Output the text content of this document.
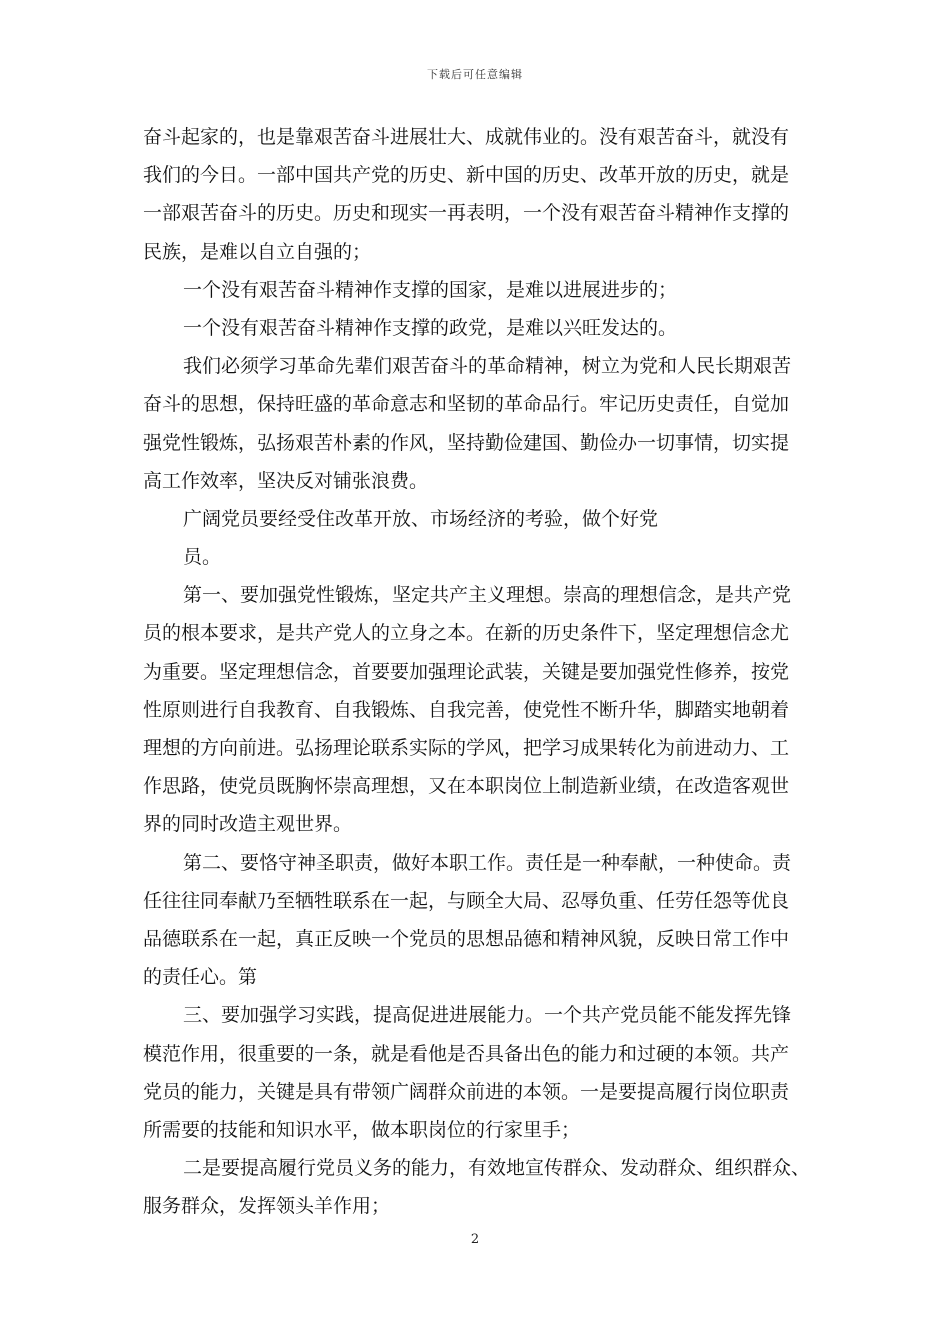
下载后可任意编辑
奋斗起家的，也是靠艰苦奋斗进展壮大、成就伟业的。没有艰苦奋斗，就没有
我们的今日。一部中国共产党的历史、新中国的历史、改革开放的历史，就是
一部艰苦奋斗的历史。历史和现实一再表明，一个没有艰苦奋斗精神作支撑的
民族，是难以自立自强的；
一个没有艰苦奋斗精神作支撑的国家，是难以进展进步的；
一个没有艰苦奋斗精神作支撑的政党，是难以兴旺发达的。
我们必须学习革命先辈们艰苦奋斗的革命精神，树立为党和人民长期艰苦
奋斗的思想，保持旺盛的革命意志和坚韧的革命品行。牢记历史责任，自觉加
强党性锻炼，弘扬艰苦朴素的作风，坚持勤俭建国、勤俭办一切事情，切实提
高工作效率，坚决反对铺张浪费。
广阔党员要经受住改革开放、市场经济的考验，做个好党
员。
第一、要加强党性锻炼，坚定共产主义理想。崇高的理想信念，是共产党
员的根本要求，是共产党人的立身之本。在新的历史条件下，坚定理想信念尤
为重要。坚定理想信念，首要要加强理论武装，关键是要加强党性修养，按党
性原则进行自我教育、自我锻炼、自我完善，使党性不断升华，脚踏实地朝着
理想的方向前进。弘扬理论联系实际的学风，把学习成果转化为前进动力、工
作思路，使党员既胸怀崇高理想，又在本职岗位上制造新业绩，在改造客观世
界的同时改造主观世界。
第二、要恪守神圣职责，做好本职工作。责任是一种奉献，一种使命。责
任往往同奉献乃至牺牲联系在一起，与顾全大局、忍辱负重、任劳任怨等优良
品德联系在一起，真正反映一个党员的思想品德和精神风貌，反映日常工作中
的责任心。第
三、要加强学习实践，提高促进进展能力。一个共产党员能不能发挥先锋
模范作用，很重要的一条，就是看他是否具备出色的能力和过硬的本领。共产
党员的能力，关键是具有带领广阔群众前进的本领。一是要提高履行岗位职责
所需要的技能和知识水平，做本职岗位的行家里手；
二是要提高履行党员义务的能力，有效地宣传群众、发动群众、组织群众、
服务群众，发挥领头羊作用；
2
